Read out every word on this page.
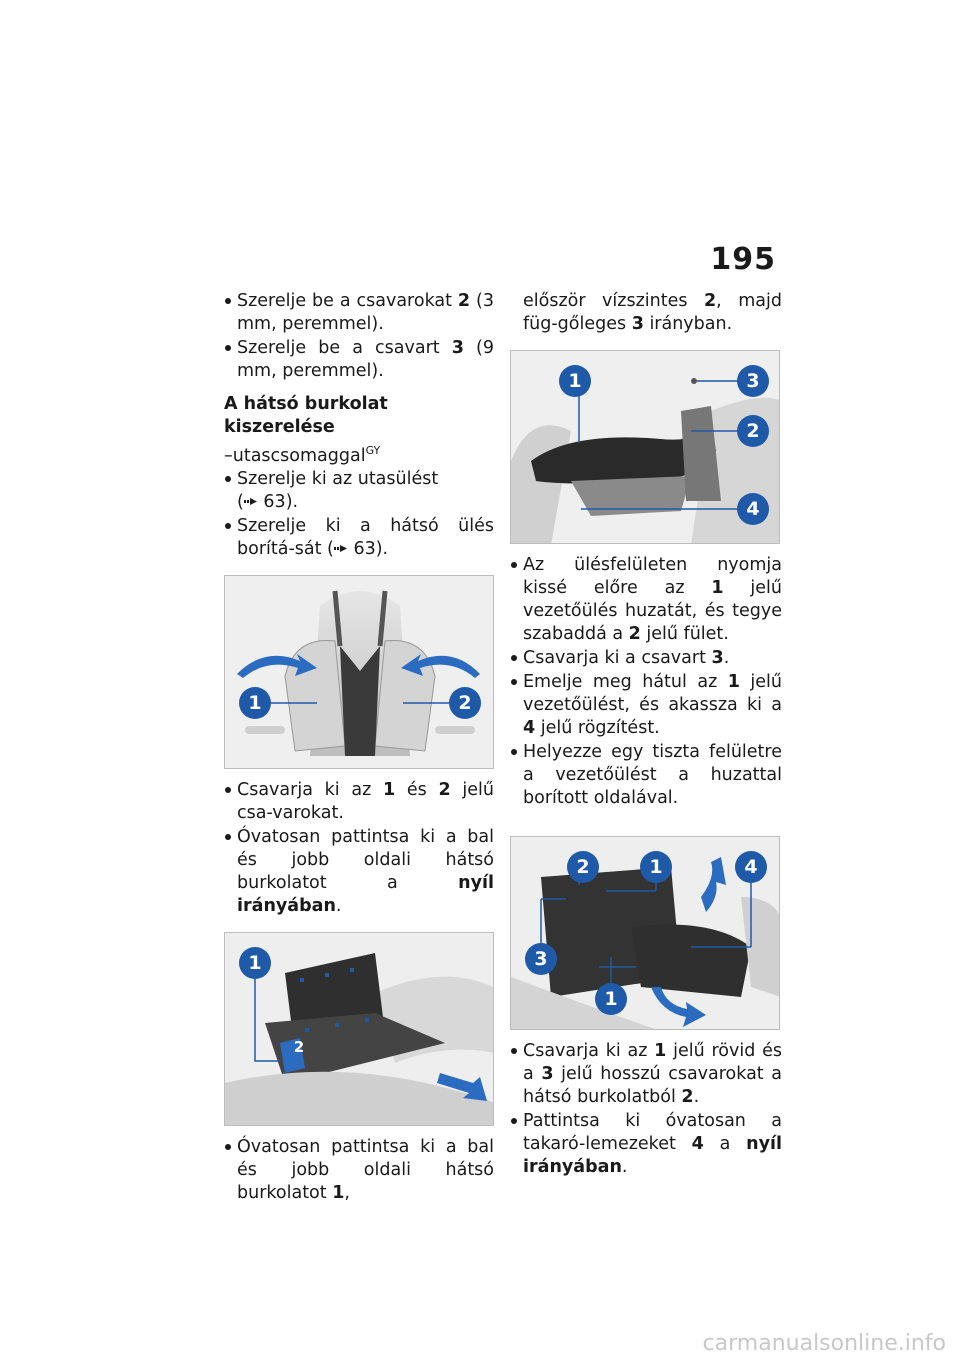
195
Szerelje be a csavarokat 2 (3 mm, peremmel).
Szerelje be a csavart 3 (9 mm, peremmel).
A hátsó burkolat kiszerelése
–utascsomaggal$^{GY}$
Szerelje ki az utasülést
( 63).
Szerelje ki a hátsó ülés borítá-sát ( 63).
1	2
Csavarja ki az 1 és 2 jelű csa-varokat.
Óvatosan pattintsa ki a bal és jobb oldali hátsó burkolatot a nyíl irányában.
1
2
Óvatosan pattintsa ki a bal és jobb oldali hátsó burkolatot 1,
először vízszintes 2, majd füg-gőleges 3 irányban.
1	3
2
4
Az ülésfelületen nyomja kissé előre az 1 jelű vezetőülés huzatát, és tegye szabaddá a 2 jelű fület.
Csavarja ki a csavart 3.
Emelje meg hátul az 1 jelű vezetőülést, és akassza ki a 4 jelű rögzítést.
Helyezze egy tiszta felületre a vezetőülést a huzattal borított oldalával.
2	1	4
3
1
Csavarja ki az 1 jelű rövid és a 3 jelű hosszú csavarokat a hátsó burkolatból 2.
Pattintsa ki óvatosan a takaró-lemezeket 4 a nyíl irányában.
carmanualsonline.info
